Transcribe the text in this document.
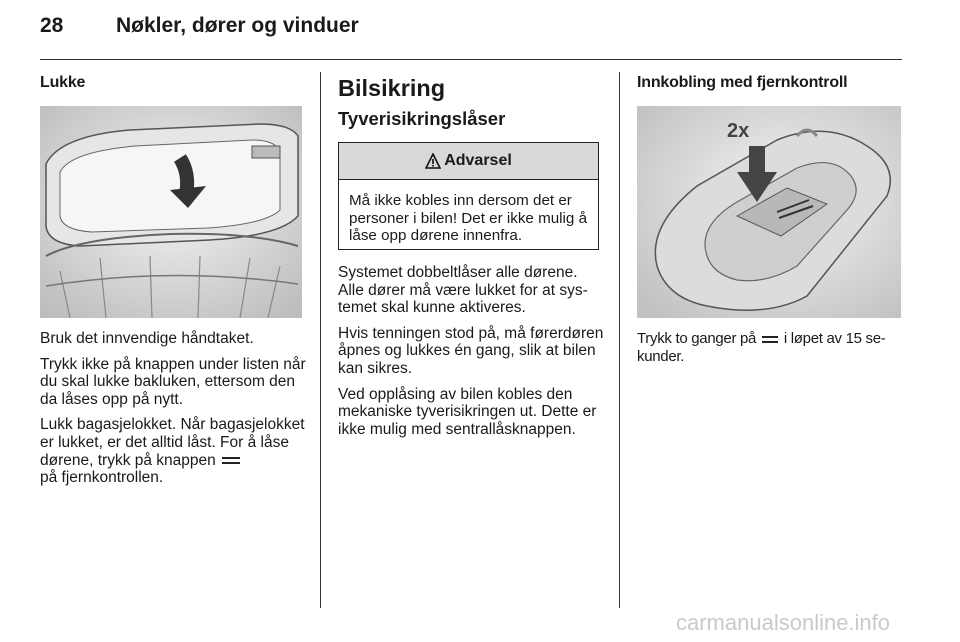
28	Nøkler, dører og vinduer
Lukke

Bruk det innvendige håndtaket.

Trykk ikke på knappen under listen når du skal lukke bakluken, ettersom den da låses opp på nytt.

Lukk bagasjelokket. Når bagasjelokket er lukket, er det alltid låst. For å låse dørene, trykk på knappen

på fjernkontrollen.

Bilsikring
Tyverisikringslåser
Advarsel
Må ikke kobles inn dersom det er personer i bilen! Det er ikke mulig å låse opp dørene innenfra.

Systemet dobbeltlåser alle dørene. Alle dører må være lukket for at systemet skal kunne aktiveres.

Hvis tenningen stod på, må førerdøren åpnes og lukkes én gang, slik at bilen kan sikres.

Ved opplåsing av bilen kobles den mekaniske tyverisikringen ut. Dette er ikke mulig med sentrallåsknappen.

Innkobling med fjernkontroll
2x

Trykk to ganger på i løpet av 15 sekunder.

carmanualsonline.info
